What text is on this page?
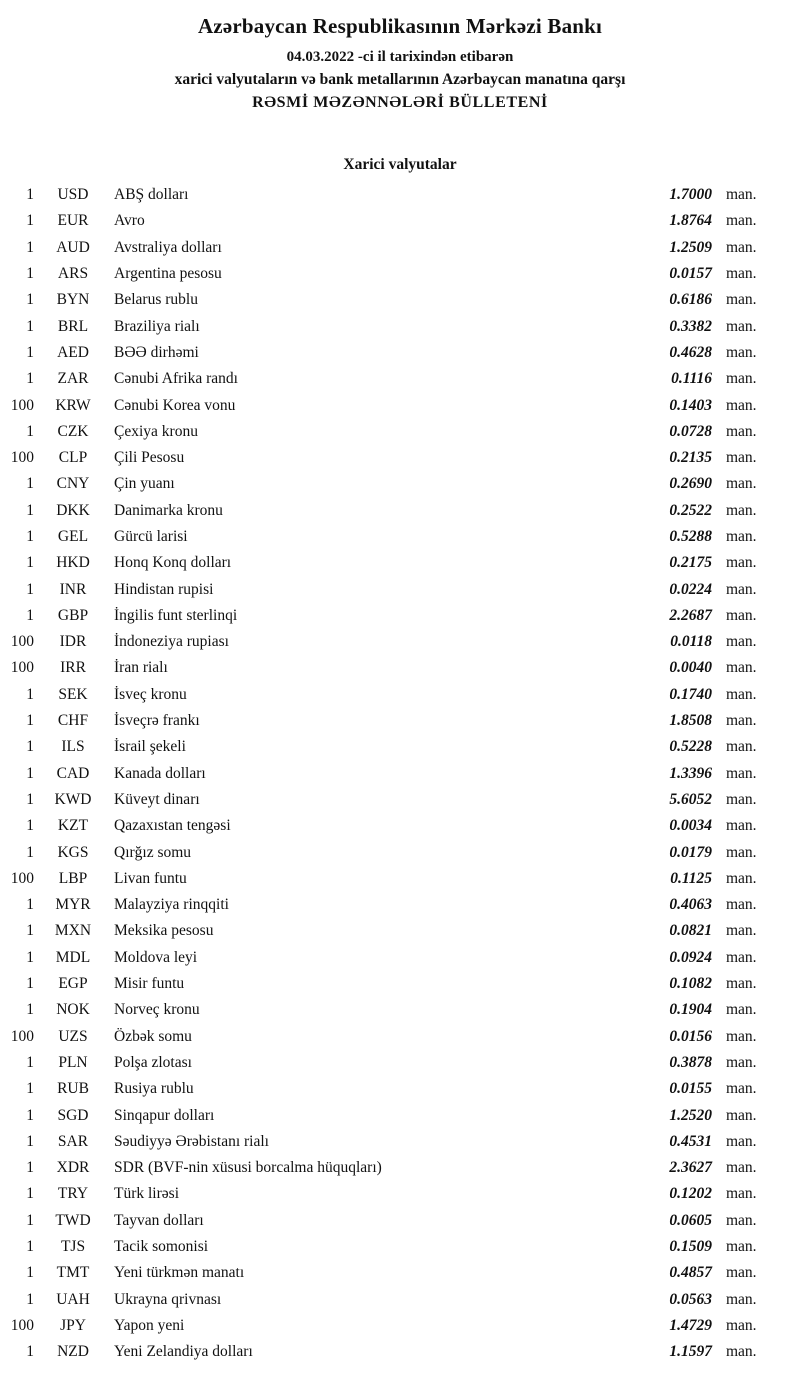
Azərbaycan Respublikasının Mərkəzi Bankı
04.03.2022 -ci il tarixindən etibarən
xarici valyutaların və bank metallarının Azərbaycan manatına qarşı
RƏSMİ MƏZƏNNƏLƏRİ BÜLLETENİ
Xarici valyutalar
1	USD	ABŞ dolları	1.7000 man.
1	EUR	Avro	1.8764 man.
1	AUD	Avstraliya dolları	1.2509 man.
1	ARS	Argentina pesosu	0.0157 man.
1	BYN	Belarus rublu	0.6186 man.
1	BRL	Braziliya rialı	0.3382 man.
1	AED	BƏƏ dirhəmi	0.4628 man.
1	ZAR	Cənubi Afrika randı	0.1116 man.
100	KRW	Cənubi Korea vonu	0.1403 man.
1	CZK	Çexiya kronu	0.0728 man.
100	CLP	Çili Pesosu	0.2135 man.
1	CNY	Çin yuanı	0.2690 man.
1	DKK	Danimarka kronu	0.2522 man.
1	GEL	Gürcü larisi	0.5288 man.
1	HKD	Honq Konq dolları	0.2175 man.
1	INR	Hindistan rupisi	0.0224 man.
1	GBP	İngilis funt sterlinqi	2.2687 man.
100	IDR	İndoneziya rupiası	0.0118 man.
100	IRR	İran rialı	0.0040 man.
1	SEK	İsveç kronu	0.1740 man.
1	CHF	İsveçrə frankı	1.8508 man.
1	ILS	İsrail şekeli	0.5228 man.
1	CAD	Kanada dolları	1.3396 man.
1	KWD	Küveyt dinarı	5.6052 man.
1	KZT	Qazaxıstan tengəsi	0.0034 man.
1	KGS	Qırğız somu	0.0179 man.
100	LBP	Livan funtu	0.1125 man.
1	MYR	Malayziya rinqqiti	0.4063 man.
1	MXN	Meksika pesosu	0.0821 man.
1	MDL	Moldova leyi	0.0924 man.
1	EGP	Misir funtu	0.1082 man.
1	NOK	Norveç kronu	0.1904 man.
100	UZS	Özbək somu	0.0156 man.
1	PLN	Polşa zlotası	0.3878 man.
1	RUB	Rusiya rublu	0.0155 man.
1	SGD	Sinqapur dolları	1.2520 man.
1	SAR	Səudiyyə Ərəbistanı rialı	0.4531 man.
1	XDR	SDR (BVF-nin xüsusi borcalma hüquqları)	2.3627 man.
1	TRY	Türk lirəsi	0.1202 man.
1	TWD	Tayvan dolları	0.0605 man.
1	TJS	Tacik somonisi	0.1509 man.
1	TMT	Yeni türkmən manatı	0.4857 man.
1	UAH	Ukrayna qrivnası	0.0563 man.
100	JPY	Yapon yeni	1.4729 man.
1	NZD	Yeni Zelandiya dolları	1.1597 man.
